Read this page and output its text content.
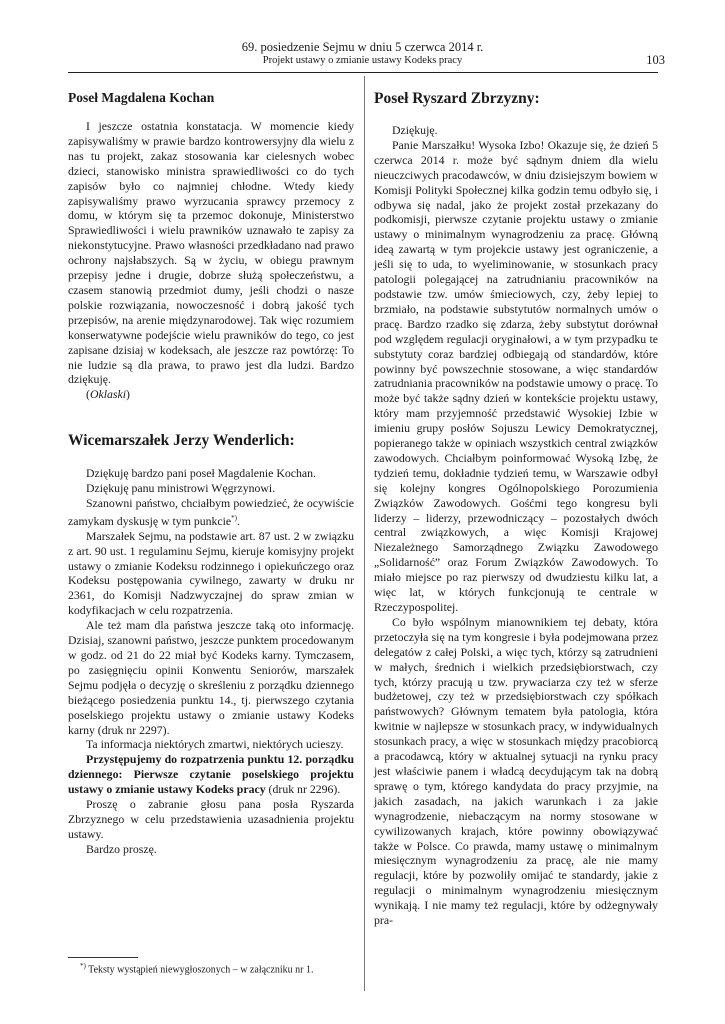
69. posiedzenie Sejmu w dniu 5 czerwca 2014 r.
Projekt ustawy o zmianie ustawy Kodeks pracy	103

Poseł Magdalena Kochan

I jeszcze ostatnia konstatacja. W momencie kiedy zapisywaliśmy w prawie bardzo kontrowersyjny dla wielu z nas tu projekt, zakaz stosowania kar cielesnych wobec dzieci, stanowisko ministra sprawiedliwości co do tych zapisów było co najmniej chłodne. Wtedy kiedy zapisywaliśmy prawo wyrzucania sprawcy przemocy z domu, w którym się ta przemoc dokonuje, Ministerstwo Sprawiedliwości i wielu prawników uznawało te zapisy za niekonstytucyjne. Prawo własności przedkładano nad prawo ochrony najsłabszych. Są w życiu, w obiegu prawnym przepisy jedne i drugie, dobrze służą społeczeństwu, a czasem stanowią przedmiot dumy, jeśli chodzi o nasze polskie rozwiązania, nowoczesność i dobrą jakość tych przepisów, na arenie międzynarodowej. Tak więc rozumiem konserwatywne podejście wielu prawników do tego, co jest zapisane dzisiaj w kodeksach, ale jeszcze raz powtórzę: To nie ludzie są dla prawa, to prawo jest dla ludzi. Bardzo dziękuję.

(Oklaski)

Wicemarszałek Jerzy Wenderlich:

Dziękuję bardzo pani poseł Magdalenie Kochan.

Dziękuję panu ministrowi Węgrzynowi.

Szanowni państwo, chciałbym powiedzieć, że ocywiście zamykam dyskusję w tym punkcie*).

Marszałek Sejmu, na podstawie art. 87 ust. 2 w związku z art. 90 ust. 1 regulaminu Sejmu, kieruje komisyjny projekt ustawy o zmianie Kodeksu rodzinnego i opiekuńczego oraz Kodeksu postępowania cywilnego, zawarty w druku nr 2361, do Komisji Nadzwyczajnej do spraw zmian w kodyfikacjach w celu rozpatrzenia.

Ale też mam dla państwa jeszcze taką oto informację. Dzisiaj, szanowni państwo, jeszcze punktem procedowanym w godz. od 21 do 22 miał być Kodeks karny. Tymczasem, po zasięgnięciu opinii Konwentu Seniorów, marszałek Sejmu podjęła o decyzję o skreśleniu z porządku dziennego bieżącego posiedzenia punktu 14., tj. pierwszego czytania poselskiego projektu ustawy o zmianie ustawy Kodeks karny (druk nr 2297).

Ta informacja niektórych zmartwi, niektórych ucieszy.

Przystępujemy do rozpatrzenia punktu 12. porządku dziennego: Pierwsze czytanie poselskiego projektu ustawy o zmianie ustawy Kodeks pracy (druk nr 2296).

Proszę o zabranie głosu pana posła Ryszarda Zbrzyznego w celu przedstawienia uzasadnienia projektu ustawy.

Bardzo proszę.

*) Teksty wystąpień niewygłoszonych – w załączniku nr 1.

Poseł Ryszard Zbrzyzny:

Dziękuję.

Panie Marszałku! Wysoka Izbo! Okazuje się, że dzień 5 czerwca 2014 r. może być sądnym dniem dla wielu nieuczciwych pracodawców, w dniu dzisiejszym bowiem w Komisji Polityki Społecznej kilka godzin temu odbyło się, i odbywa się nadal, jako że projekt został przekazany do podkomisji, pierwsze czytanie projektu ustawy o zmianie ustawy o minimalnym wynagrodzeniu za pracę. Główną ideą zawartą w tym projekcie ustawy jest ograniczenie, a jeśli się to uda, to wyeliminowanie, w stosunkach pracy patologii polegającej na zatrudnianiu pracowników na podstawie tzw. umów śmieciowych, czy, żeby lepiej to brzmiało, na podstawie substytutów normalnych umów o pracę. Bardzo rzadko się zdarza, żeby substytut dorównał pod względem regulacji oryginałowi, a w tym przypadku te substytuty coraz bardziej odbiegają od standardów, które powinny być powszechnie stosowane, a więc standardów zatrudniania pracowników na podstawie umowy o pracę. To może być także sądny dzień w kontekście projektu ustawy, który mam przyjemność przedstawić Wysokiej Izbie w imieniu grupy posłów Sojuszu Lewicy Demokratycznej, popieranego także w opiniach wszystkich central związków zawodowych. Chciałbym poinformować Wysoką Izbę, że tydzień temu, dokładnie tydzień temu, w Warszawie odbył się kolejny kongres Ogólnopolskiego Porozumienia Związków Zawodowych. Gośćmi tego kongresu byli liderzy – liderzy, przewodniczący – pozostałych dwóch central związkowych, a więc Komisji Krajowej Niezależnego Samorządnego Związku Zawodowego „Solidarność” oraz Forum Związków Zawodowych. To miało miejsce po raz pierwszy od dwudziestu kilku lat, a więc lat, w których funkcjonują te centrale w Rzeczypospolitej.

Co było wspólnym mianownikiem tej debaty, która przetoczyła się na tym kongresie i była podejmowana przez delegatów z całej Polski, a więc tych, którzy są zatrudnieni w małych, średnich i wielkich przedsiębiorstwach, czy tych, którzy pracują u tzw. prywaciarza czy też w sferze budżetowej, czy też w przedsiębiorstwach czy spółkach państwowych? Głównym tematem była patologia, która kwitnie w najlepsze w stosunkach pracy, w indywidualnych stosunkach pracy, a więc w stosunkach między pracobiorcą a pracodawcą, który w aktualnej sytuacji na rynku pracy jest właściwie panem i władcą decydującym tak na dobrą sprawę o tym, którego kandydata do pracy przyjmie, na jakich zasadach, na jakich warunkach i za jakie wynagrodzenie, niebaczącym na normy stosowane w cywilizowanych krajach, które powinny obowiązywać także w Polsce. Co prawda, mamy ustawę o minimalnym miesięcznym wynagrodzeniu za pracę, ale nie mamy regulacji, które by pozwoliły omijać te standardy, jakie z regulacji o minimalnym wynagrodzeniu miesięcznym wynikają. I nie mamy też regulacji, które by odżegnywały pra-
